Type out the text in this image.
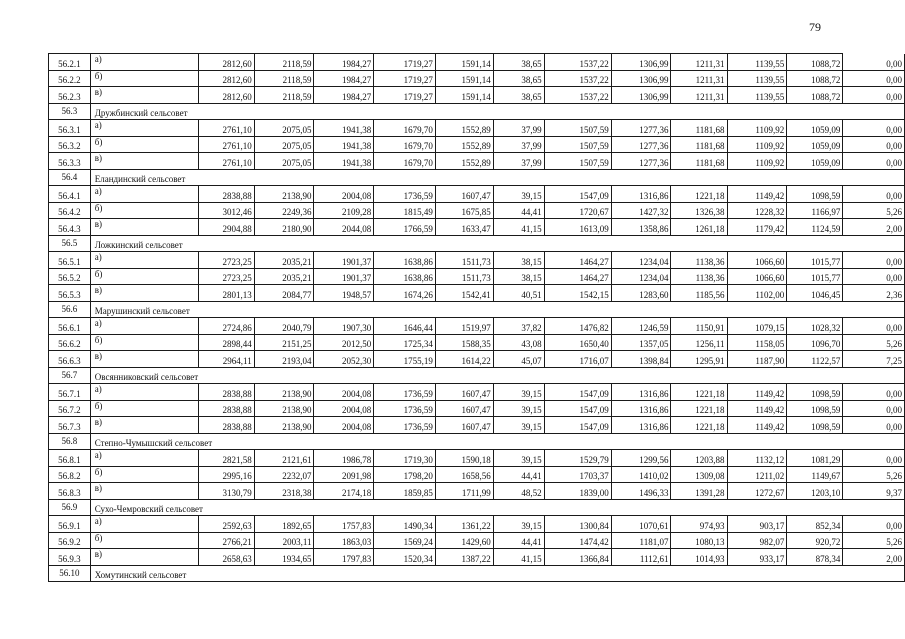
79
56.2.1	а)	2812,60	2118,59	1984,27	1719,27	1591,14	38,65	1537,22	1306,99	1211,31	1139,55	1088,72	0,00
56.2.2	б)	2812,60	2118,59	1984,27	1719,27	1591,14	38,65	1537,22	1306,99	1211,31	1139,55	1088,72	0,00
56.2.3	в)	2812,60	2118,59	1984,27	1719,27	1591,14	38,65	1537,22	1306,99	1211,31	1139,55	1088,72	0,00
56.3	Дружбинский сельсовет												
56.3.1	а)	2761,10	2075,05	1941,38	1679,70	1552,89	37,99	1507,59	1277,36	1181,68	1109,92	1059,09	0,00
56.3.2	б)	2761,10	2075,05	1941,38	1679,70	1552,89	37,99	1507,59	1277,36	1181,68	1109,92	1059,09	0,00
56.3.3	в)	2761,10	2075,05	1941,38	1679,70	1552,89	37,99	1507,59	1277,36	1181,68	1109,92	1059,09	0,00
56.4	Еландинский сельсовет												
56.4.1	а)	2838,88	2138,90	2004,08	1736,59	1607,47	39,15	1547,09	1316,86	1221,18	1149,42	1098,59	0,00
56.4.2	б)	3012,46	2249,36	2109,28	1815,49	1675,85	44,41	1720,67	1427,32	1326,38	1228,32	1166,97	5,26
56.4.3	в)	2904,88	2180,90	2044,08	1766,59	1633,47	41,15	1613,09	1358,86	1261,18	1179,42	1124,59	2,00
56.5	Ложкинский сельсовет												
56.5.1	а)	2723,25	2035,21	1901,37	1638,86	1511,73	38,15	1464,27	1234,04	1138,36	1066,60	1015,77	0,00
56.5.2	б)	2723,25	2035,21	1901,37	1638,86	1511,73	38,15	1464,27	1234,04	1138,36	1066,60	1015,77	0,00
56.5.3	в)	2801,13	2084,77	1948,57	1674,26	1542,41	40,51	1542,15	1283,60	1185,56	1102,00	1046,45	2,36
56.6	Марушинский сельсовет												
56.6.1	а)	2724,86	2040,79	1907,30	1646,44	1519,97	37,82	1476,82	1246,59	1150,91	1079,15	1028,32	0,00
56.6.2	б)	2898,44	2151,25	2012,50	1725,34	1588,35	43,08	1650,40	1357,05	1256,11	1158,05	1096,70	5,26
56.6.3	в)	2964,11	2193,04	2052,30	1755,19	1614,22	45,07	1716,07	1398,84	1295,91	1187,90	1122,57	7,25
56.7	Овсянниковский сельсовет												
56.7.1	а)	2838,88	2138,90	2004,08	1736,59	1607,47	39,15	1547,09	1316,86	1221,18	1149,42	1098,59	0,00
56.7.2	б)	2838,88	2138,90	2004,08	1736,59	1607,47	39,15	1547,09	1316,86	1221,18	1149,42	1098,59	0,00
56.7.3	в)	2838,88	2138,90	2004,08	1736,59	1607,47	39,15	1547,09	1316,86	1221,18	1149,42	1098,59	0,00
56.8	Степно-Чумышский сельсовет												
56.8.1	а)	2821,58	2121,61	1986,78	1719,30	1590,18	39,15	1529,79	1299,56	1203,88	1132,12	1081,29	0,00
56.8.2	б)	2995,16	2232,07	2091,98	1798,20	1658,56	44,41	1703,37	1410,02	1309,08	1211,02	1149,67	5,26
56.8.3	в)	3130,79	2318,38	2174,18	1859,85	1711,99	48,52	1839,00	1496,33	1391,28	1272,67	1203,10	9,37
56.9	Сухо-Чемровский сельсовет												
56.9.1	а)	2592,63	1892,65	1757,83	1490,34	1361,22	39,15	1300,84	1070,61	974,93	903,17	852,34	0,00
56.9.2	б)	2766,21	2003,11	1863,03	1569,24	1429,60	44,41	1474,42	1181,07	1080,13	982,07	920,72	5,26
56.9.3	в)	2658,63	1934,65	1797,83	1520,34	1387,22	41,15	1366,84	1112,61	1014,93	933,17	878,34	2,00
56.10	Хомутинский сельсовет												
